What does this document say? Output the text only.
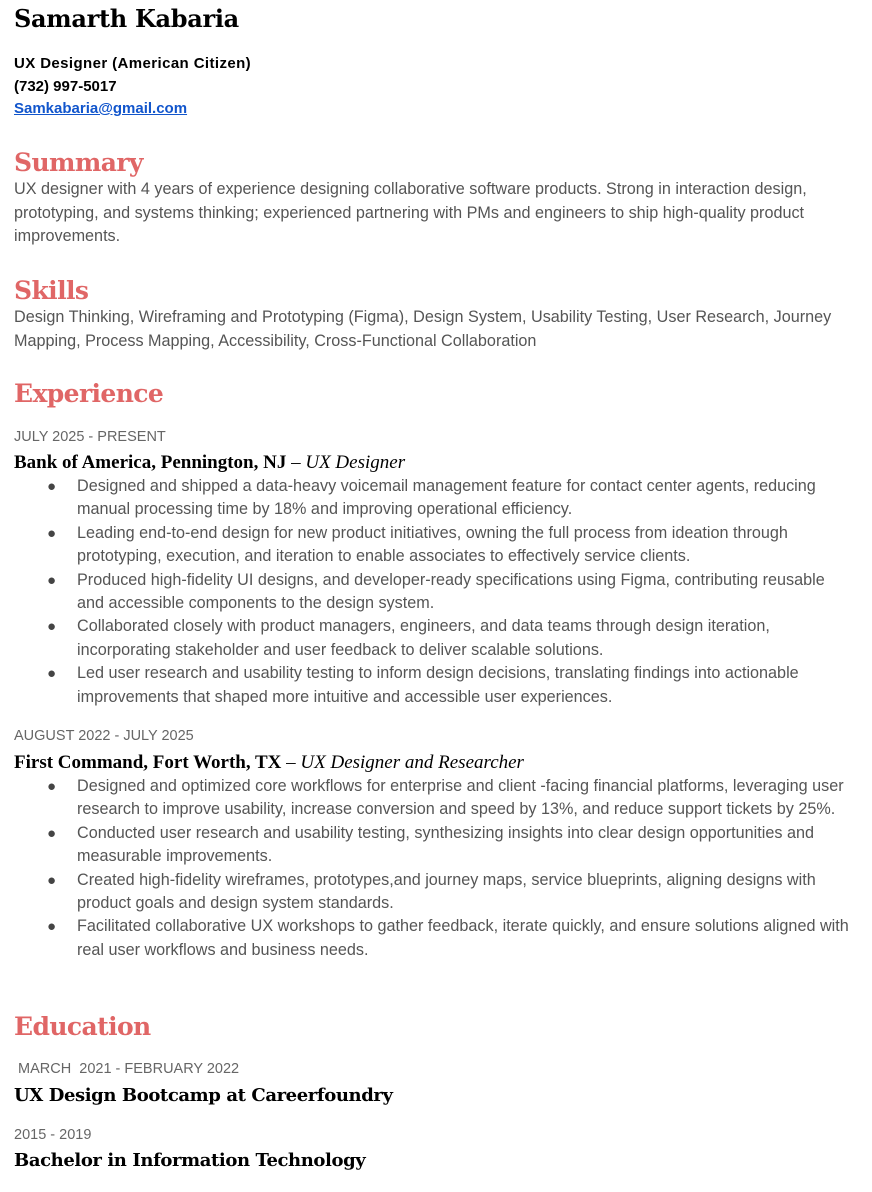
Samarth Kabaria
UX Designer (American Citizen)
(732) 997-5017
Samkabaria@gmail.com
Summary
UX designer with 4 years of experience designing collaborative software products. Strong in interaction design, prototyping, and systems thinking; experienced partnering with PMs and engineers to ship high-quality product improvements.
Skills
Design Thinking, Wireframing and Prototyping (Figma), Design System, Usability Testing, User Research, Journey Mapping, Process Mapping, Accessibility, Cross-Functional Collaboration
Experience
JULY 2025 - PRESENT
Bank of America, Pennington, NJ – UX Designer
● Designed and shipped a data-heavy voicemail management feature for contact center agents, reducing manual processing time by 18% and improving operational efficiency.
● Leading end-to-end design for new product initiatives, owning the full process from ideation through prototyping, execution, and iteration to enable associates to effectively service clients.
● Produced high-fidelity UI designs, and developer-ready specifications using Figma, contributing reusable and accessible components to the design system.
● Collaborated closely with product managers, engineers, and data teams through design iteration, incorporating stakeholder and user feedback to deliver scalable solutions.
● Led user research and usability testing to inform design decisions, translating findings into actionable improvements that shaped more intuitive and accessible user experiences.
AUGUST 2022 - JULY 2025
First Command, Fort Worth, TX – UX Designer and Researcher
● Designed and optimized core workflows for enterprise and client -facing financial platforms, leveraging user research to improve usability, increase conversion and speed by 13%, and reduce support tickets by 25%.
● Conducted user research and usability testing, synthesizing insights into clear design opportunities and measurable improvements.
● Created high-fidelity wireframes, prototypes,and journey maps, service blueprints, aligning designs with product goals and design system standards.
● Facilitated collaborative UX workshops to gather feedback, iterate quickly, and ensure solutions aligned with real user workflows and business needs.
Education
MARCH  2021 - FEBRUARY 2022
UX Design Bootcamp at Careerfoundry
2015 - 2019
Bachelor in Information Technology
